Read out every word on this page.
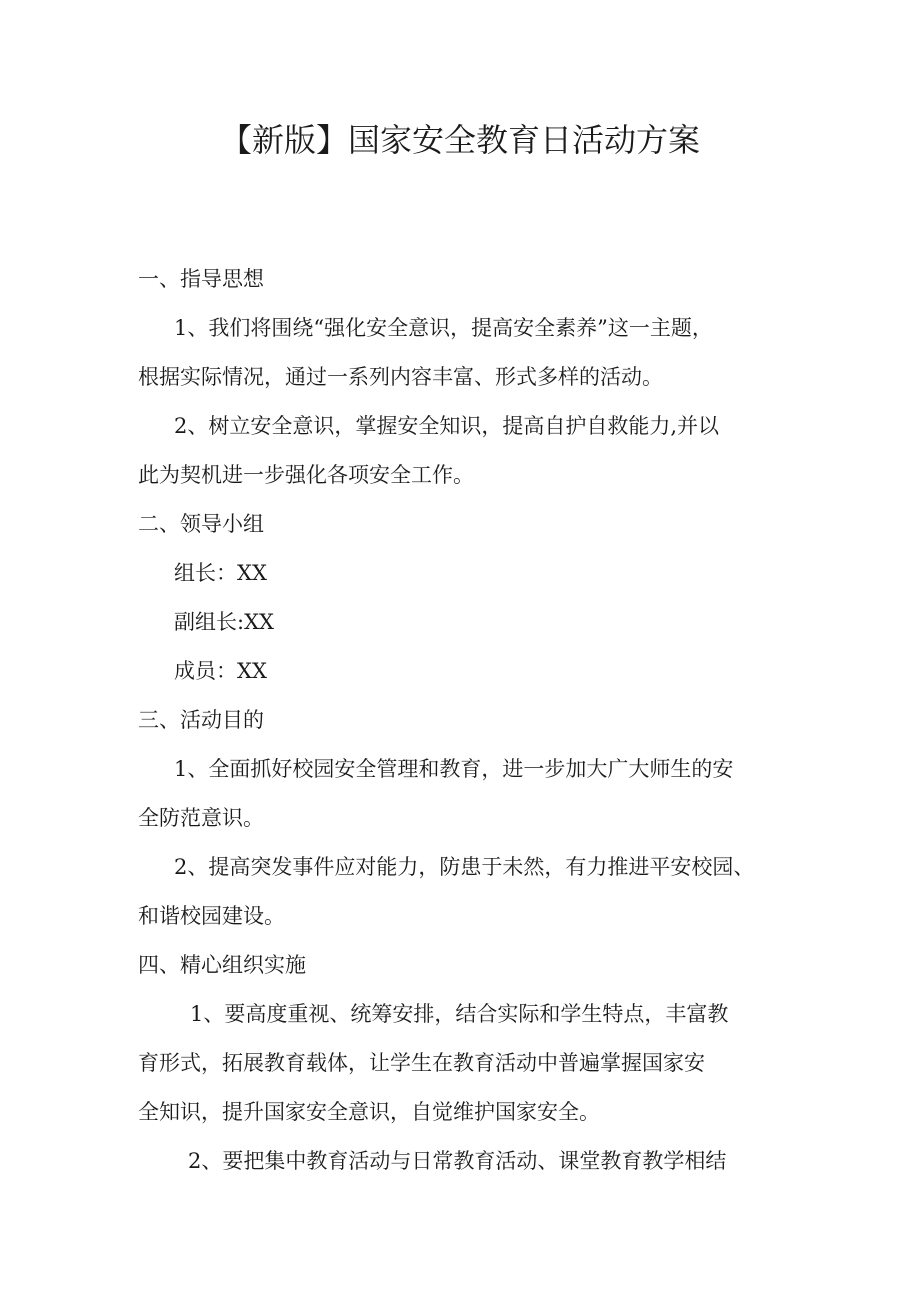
【新版】国家安全教育日活动方案

一、指导思想

1、我们将围绕“强化安全意识，提高安全素养”这一主题，

根据实际情况，通过一系列内容丰富、形式多样的活动。

2、树立安全意识，掌握安全知识，提高自护自救能力,并以

此为契机进一步强化各项安全工作。

二、领导小组

组长：XX

副组长:XX

成员：XX

三、活动目的

1、全面抓好校园安全管理和教育，进一步加大广大师生的安

全防范意识。

2、提高突发事件应对能力，防患于未然，有力推进平安校园、

和谐校园建设。

四、精心组织实施

1、要高度重视、统筹安排，结合实际和学生特点，丰富教

育形式，拓展教育载体，让学生在教育活动中普遍掌握国家安

全知识，提升国家安全意识，自觉维护国家安全。

2、要把集中教育活动与日常教育活动、课堂教育教学相结
